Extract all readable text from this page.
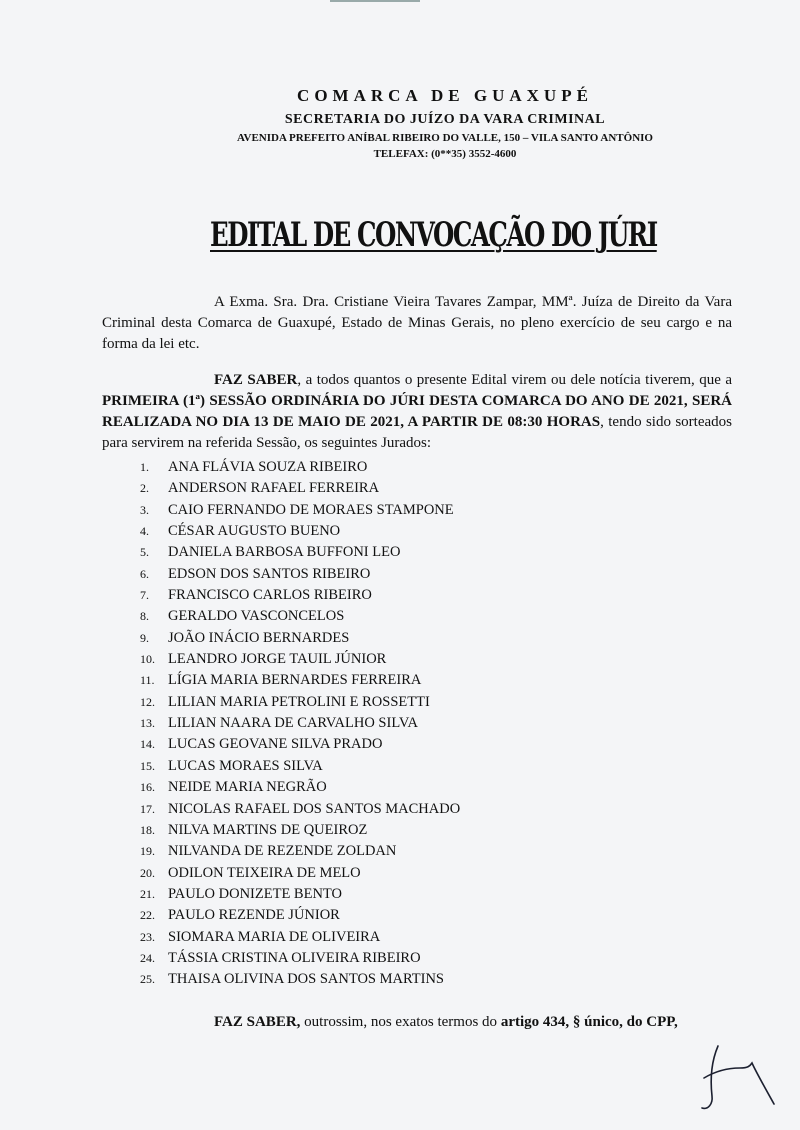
COMARCA DE GUAXUPÉ
SECRETARIA DO JUÍZO DA VARA CRIMINAL
AVENIDA PREFEITO ANÍBAL RIBEIRO DO VALLE, 150 – VILA SANTO ANTÔNIO
TELEFAX: (0**35) 3552-4600
EDITAL DE CONVOCAÇÃO DO JÚRI
A Exma. Sra. Dra. Cristiane Vieira Tavares Zampar, MMª. Juíza de Direito da Vara Criminal desta Comarca de Guaxupé, Estado de Minas Gerais, no pleno exercício de seu cargo e na forma da lei etc.
FAZ SABER, a todos quantos o presente Edital virem ou dele notícia tiverem, que a PRIMEIRA (1ª) SESSÃO ORDINÁRIA DO JÚRI DESTA COMARCA DO ANO DE 2021, SERÁ REALIZADA NO DIA 13 DE MAIO DE 2021, A PARTIR DE 08:30 HORAS, tendo sido sorteados para servirem na referida Sessão, os seguintes Jurados:
1. ANA FLÁVIA SOUZA RIBEIRO
2. ANDERSON RAFAEL FERREIRA
3. CAIO FERNANDO DE MORAES STAMPONE
4. CÉSAR AUGUSTO BUENO
5. DANIELA BARBOSA BUFFONI LEO
6. EDSON DOS SANTOS RIBEIRO
7. FRANCISCO CARLOS RIBEIRO
8. GERALDO VASCONCELOS
9. JOÃO INÁCIO BERNARDES
10. LEANDRO JORGE TAUIL JÚNIOR
11. LÍGIA MARIA BERNARDES FERREIRA
12. LILIAN MARIA PETROLINI E ROSSETTI
13. LILIAN NAARA DE CARVALHO SILVA
14. LUCAS GEOVANE SILVA PRADO
15. LUCAS MORAES SILVA
16. NEIDE MARIA NEGRÃO
17. NICOLAS RAFAEL DOS SANTOS MACHADO
18. NILVA MARTINS DE QUEIROZ
19. NILVANDA DE REZENDE ZOLDAN
20. ODILON TEIXEIRA DE MELO
21. PAULO DONIZETE BENTO
22. PAULO REZENDE JÚNIOR
23. SIOMARA MARIA DE OLIVEIRA
24. TÁSSIA CRISTINA OLIVEIRA RIBEIRO
25. THAISA OLIVINA DOS SANTOS MARTINS
FAZ SABER, outrossim, nos exatos termos do artigo 434, § único, do CPP,
